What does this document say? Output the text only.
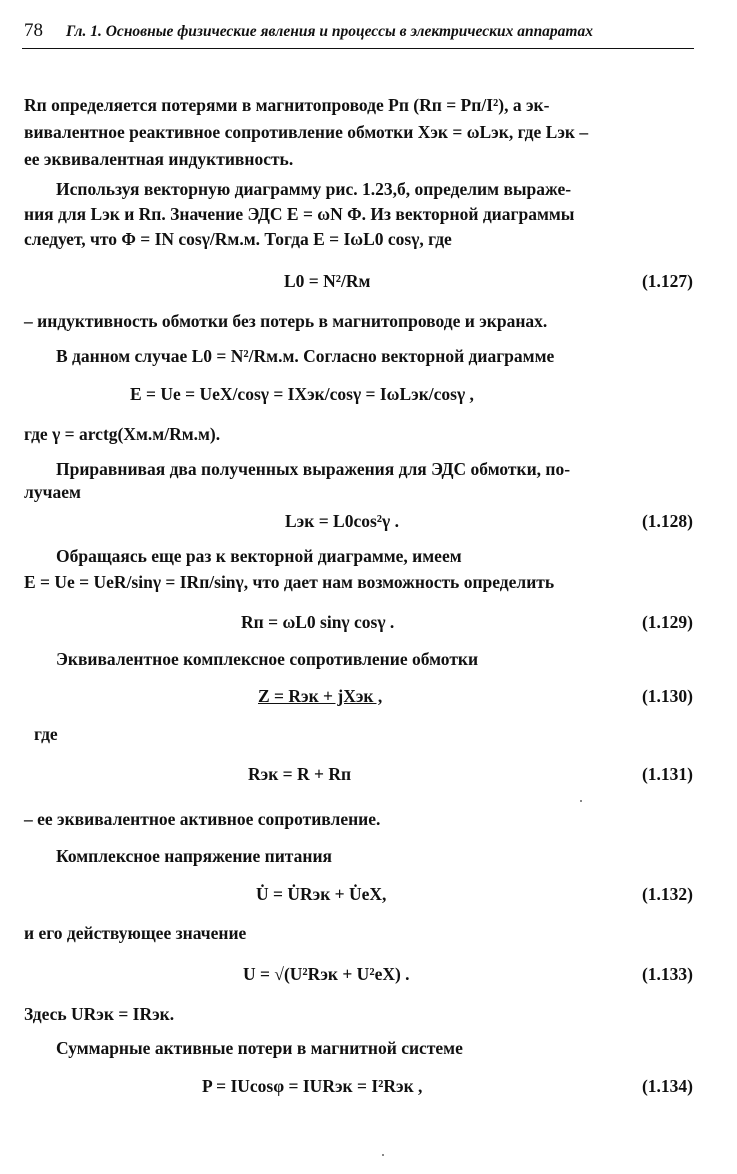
78 Гл. 1. Основные физические явления и процессы в электрических аппаратах
Rп определяется потерями в магнитопроводе Pп (Rп = Pп/I²), а эк-
вивалентное реактивное сопротивление обмотки Xэк = ωLэк, где Lэк –
ее эквивалентная индуктивность.
Используя векторную диаграмму рис. 1.23,б, определим выраже-
ния для Lэк и Rп. Значение ЭДС E = ωN Φ. Из векторной диаграммы
следует, что Φ = IN cosγ/Rм.м. Тогда E = IωL0 cosγ, где
L0 = N²/Rм	(1.127)
– индуктивность обмотки без потерь в магнитопроводе и экранах.
В данном случае L0 = N²/Rм.м. Согласно векторной диаграмме
E = Ue = UeX/cosγ = IXэк/cosγ = IωLэк/cosγ ,
где γ = arctg(Xм.м/Rм.м).
Приравнивая два полученных выражения для ЭДС обмотки, по-
лучаем
Lэк = L0cos²γ .	(1.128)
Обращаясь еще раз к векторной диаграмме, имеем
E = Ue = UeR/sinγ = IRп/sinγ, что дает нам возможность определить
Rп = ωL0 sinγ cosγ .	(1.129)
Эквивалентное комплексное сопротивление обмотки
Z = Rэк + jXэк ,	(1.130)
где
Rэк = R + Rп	(1.131)
– ее эквивалентное активное сопротивление.
Комплексное напряжение питания
U̇ = U̇Rэк + U̇eX,	(1.132)
и его действующее значение
U = √(U²Rэк + U²eX) .	(1.133)
Здесь URэк = IRэк.
Суммарные активные потери в магнитной системе
P = IUcosφ = IURэк = I²Rэк ,	(1.134)
